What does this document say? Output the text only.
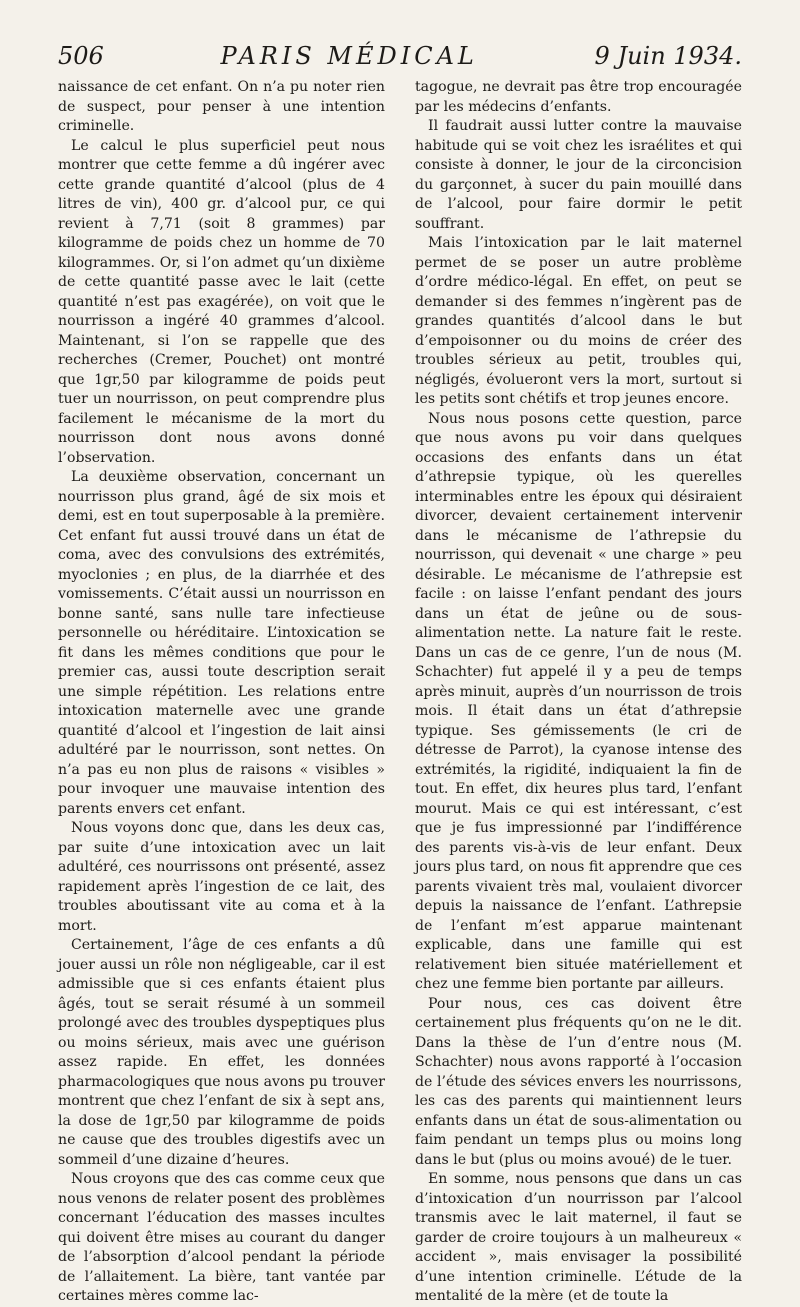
506	PARIS MÉDICAL	9 Juin 1934.

naissance de cet enfant. On n’a pu noter rien de suspect, pour penser à une intention criminelle.

Le calcul le plus superficiel peut nous montrer que cette femme a dû ingérer avec cette grande quantité d’alcool (plus de 4 litres de vin), 400 gr. d’alcool pur, ce qui revient à 7,71 (soit 8 grammes) par kilogramme de poids chez un homme de 70 kilogrammes. Or, si l’on admet qu’un dixième de cette quantité passe avec le lait (cette quantité n’est pas exagérée), on voit que le nourrisson a ingéré 40 grammes d’alcool. Maintenant, si l’on se rappelle que des recherches (Cremer, Pouchet) ont montré que 1gr,50 par kilogramme de poids peut tuer un nourrisson, on peut comprendre plus facilement le mécanisme de la mort du nourrisson dont nous avons donné l’observation.

La deuxième observation, concernant un nourrisson plus grand, âgé de six mois et demi, est en tout superposable à la première. Cet enfant fut aussi trouvé dans un état de coma, avec des convulsions des extrémités, myoclonies ; en plus, de la diarrhée et des vomissements. C’était aussi un nourrisson en bonne santé, sans nulle tare infectieuse personnelle ou héréditaire. L’intoxication se fit dans les mêmes conditions que pour le premier cas, aussi toute description serait une simple répétition. Les relations entre intoxication maternelle avec une grande quantité d’alcool et l’ingestion de lait ainsi adultéré par le nourrisson, sont nettes. On n’a pas eu non plus de raisons « visibles » pour invoquer une mauvaise intention des parents envers cet enfant.

Nous voyons donc que, dans les deux cas, par suite d’une intoxication avec un lait adultéré, ces nourrissons ont présenté, assez rapidement après l’ingestion de ce lait, des troubles aboutissant vite au coma et à la mort.

Certainement, l’âge de ces enfants a dû jouer aussi un rôle non négligeable, car il est admissible que si ces enfants étaient plus âgés, tout se serait résumé à un sommeil prolongé avec des troubles dyspeptiques plus ou moins sérieux, mais avec une guérison assez rapide. En effet, les données pharmacologiques que nous avons pu trouver montrent que chez l’enfant de six à sept ans, la dose de 1gr,50 par kilogramme de poids ne cause que des troubles digestifs avec un sommeil d’une dizaine d’heures.

Nous croyons que des cas comme ceux que nous venons de relater posent des problèmes concernant l’éducation des masses incultes qui doivent être mises au courant du danger de l’absorption d’alcool pendant la période de l’allaitement. La bière, tant vantée par certaines mères comme lac-

tagogue, ne devrait pas être trop encouragée par les médecins d’enfants.

Il faudrait aussi lutter contre la mauvaise habitude qui se voit chez les israélites et qui consiste à donner, le jour de la circoncision du garçonnet, à sucer du pain mouillé dans de l’alcool, pour faire dormir le petit souffrant.

Mais l’intoxication par le lait maternel permet de se poser un autre problème d’ordre médico-légal. En effet, on peut se demander si des femmes n’ingèrent pas de grandes quantités d’alcool dans le but d’empoisonner ou du moins de créer des troubles sérieux au petit, troubles qui, négligés, évolueront vers la mort, surtout si les petits sont chétifs et trop jeunes encore.

Nous nous posons cette question, parce que nous avons pu voir dans quelques occasions des enfants dans un état d’athrepsie typique, où les querelles interminables entre les époux qui désiraient divorcer, devaient certainement intervenir dans le mécanisme de l’athrepsie du nourrisson, qui devenait « une charge » peu désirable. Le mécanisme de l’athrepsie est facile : on laisse l’enfant pendant des jours dans un état de jeûne ou de sous-alimentation nette. La nature fait le reste. Dans un cas de ce genre, l’un de nous (M. Schachter) fut appelé il y a peu de temps après minuit, auprès d’un nourrisson de trois mois. Il était dans un état d’athrepsie typique. Ses gémissements (le cri de détresse de Parrot), la cyanose intense des extrémités, la rigidité, indiquaient la fin de tout. En effet, dix heures plus tard, l’enfant mourut. Mais ce qui est intéressant, c’est que je fus impressionné par l’indifférence des parents vis-à-vis de leur enfant. Deux jours plus tard, on nous fit apprendre que ces parents vivaient très mal, voulaient divorcer depuis la naissance de l’enfant. L’athrepsie de l’enfant m’est apparue maintenant explicable, dans une famille qui est relativement bien située matériellement et chez une femme bien portante par ailleurs.

Pour nous, ces cas doivent être certainement plus fréquents qu’on ne le dit. Dans la thèse de l’un d’entre nous (M. Schachter) nous avons rapporté à l’occasion de l’étude des sévices envers les nourrissons, les cas des parents qui maintiennent leurs enfants dans un état de sous-alimentation ou faim pendant un temps plus ou moins long dans le but (plus ou moins avoué) de le tuer.

En somme, nous pensons que dans un cas d’intoxication d’un nourrisson par l’alcool transmis avec le lait maternel, il faut se garder de croire toujours à un malheureux « accident », mais envisager la possibilité d’une intention criminelle. L’étude de la mentalité de la mère (et de toute la
